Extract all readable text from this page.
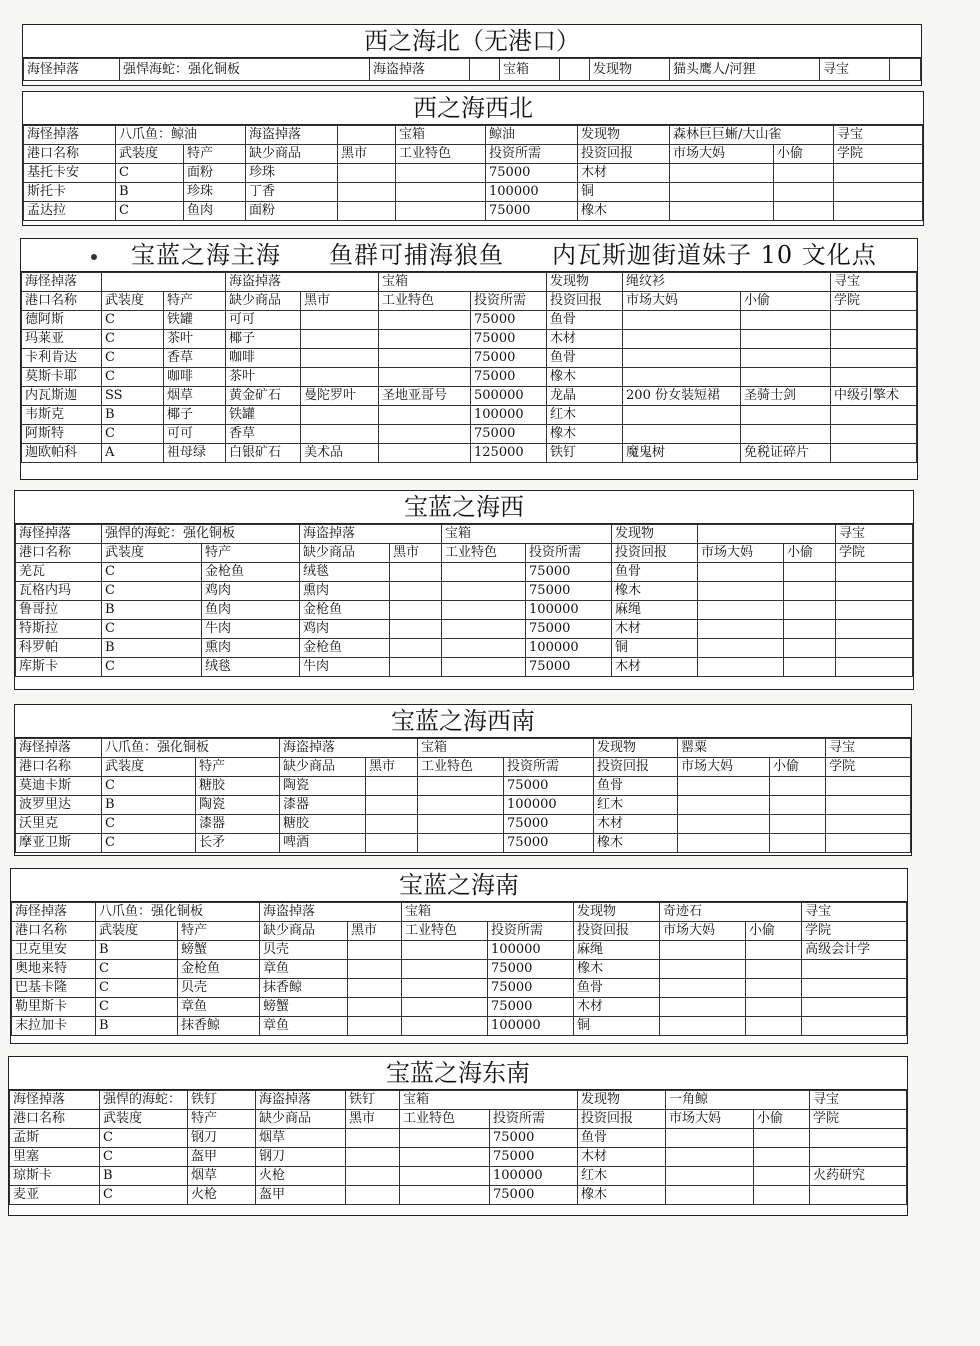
西之海北（无港口）
海怪掉落	强悍海蛇：强化铜板	海盗掉落		宝箱		发现物	猫头鹰人/河狸	寻宝	
西之海西北
海怪掉落	八爪鱼：鲸油		海盗掉落		宝箱	鲸油	发现物	森林巨巨蜥/大山雀		寻宝
港口名称	武装度	特产	缺少商品	黑市	工业特色	投资所需	投资回报	市场大妈	小偷	学院
基托卡安	C	面粉	珍珠			75000	木材			
斯托卡	B	珍珠	丁香			100000	铜			
孟达拉	C	鱼肉	面粉			75000	橡木			
宝蓝之海主海 鱼群可捕海狼鱼 内瓦斯迦街道妹子 10 文化点
海怪掉落			海盗掉落		宝箱		发现物	绳纹衫		寻宝
港口名称	武装度	特产	缺少商品	黑市	工业特色	投资所需	投资回报	市场大妈	小偷	学院
德阿斯	C	铁罐	可可			75000	鱼骨			
玛莱亚	C	茶叶	椰子			75000	木材			
卡利肯达	C	香草	咖啡			75000	鱼骨			
莫斯卡耶	C	咖啡	茶叶			75000	橡木			
内瓦斯迦	SS	烟草	黄金矿石	曼陀罗叶	圣地亚哥号	500000	龙晶	200 份女装短裙	圣骑士剑	中级引擎术
韦斯克	B	椰子	铁罐			100000	红木			
阿斯特	C	可可	香草			75000	橡木			
迦欧帕科	A	祖母绿	白银矿石	美术品		125000	铁钉	魔鬼树	免税证碎片	
宝蓝之海西
海怪掉落	强悍的海蛇：强化铜板		海盗掉落		宝箱		发现物			寻宝
港口名称	武装度	特产	缺少商品	黑市	工业特色	投资所需	投资回报	市场大妈	小偷	学院
羌瓦	C	金枪鱼	绒毯			75000	鱼骨			
瓦格内玛	C	鸡肉	熏肉			75000	橡木			
鲁哥拉	B	鱼肉	金枪鱼			100000	麻绳			
特斯拉	C	牛肉	鸡肉			75000	木材			
科罗帕	B	熏肉	金枪鱼			100000	铜			
库斯卡	C	绒毯	牛肉			75000	木材			
宝蓝之海西南
海怪掉落	八爪鱼：强化铜板		海盗掉落		宝箱		发现物	罂粟		寻宝
港口名称	武装度	特产	缺少商品	黑市	工业特色	投资所需	投资回报	市场大妈	小偷	学院
莫迪卡斯	C	糖胶	陶瓷			75000	鱼骨			
波罗里达	B	陶瓷	漆器			100000	红木			
沃里克	C	漆器	糖胶			75000	木材			
摩亚卫斯	C	长矛	啤酒			75000	橡木			
宝蓝之海南
海怪掉落	八爪鱼：强化铜板		海盗掉落		宝箱		发现物	奇迹石		寻宝
港口名称	武装度	特产	缺少商品	黑市	工业特色	投资所需	投资回报	市场大妈	小偷	学院
卫克里安	B	螃蟹	贝壳			100000	麻绳			高级会计学
奥地来特	C	金枪鱼	章鱼			75000	橡木			
巴基卡隆	C	贝壳	抹香鲸			75000	鱼骨			
勒里斯卡	C	章鱼	螃蟹			75000	木材			
末拉加卡	B	抹香鲸	章鱼			100000	铜			
宝蓝之海东南
海怪掉落	强悍的海蛇：	铁钉	海盗掉落	铁钉	宝箱		发现物	一角鲸		寻宝
港口名称	武装度	特产	缺少商品	黑市	工业特色	投资所需	投资回报	市场大妈	小偷	学院
孟斯	C	钢刀	烟草			75000	鱼骨			
里塞	C	盔甲	钢刀			75000	木材			
琼斯卡	B	烟草	火枪			100000	红木			火药研究
麦亚	C	火枪	盔甲			75000	橡木			
